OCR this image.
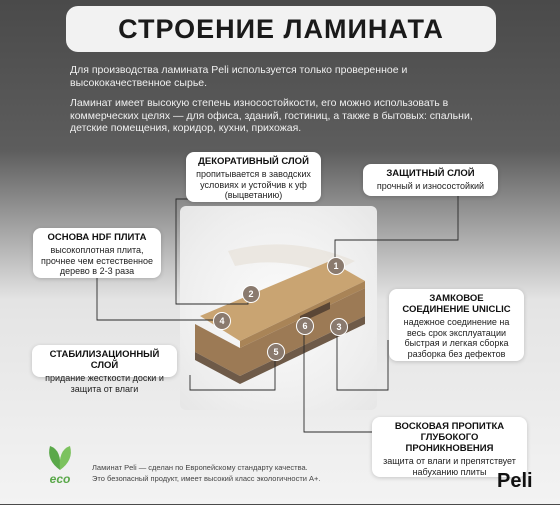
СТРОЕНИЕ ЛАМИНАТА
Для производства ламината Peli используется только проверенное и высококачественное сырье.
Ламинат имеет высокую степень износостойкости, его можно использовать в коммерческих целях — для офиса, зданий, гостиниц, а также в бытовых: спальни, детские помещения, коридор, кухни, прихожая.
1
2
3
4
5
6
ДЕКОРАТИВНЫЙ СЛОЙ
пропитывается в заводских условиях и устойчив к уф (выцветанию)
ЗАЩИТНЫЙ СЛОЙ
прочный и износостойкий
ОСНОВА HDF ПЛИТА
высокоплотная плита, прочнее чем естественное дерево в 2-3 раза
ЗАМКОВОЕ СОЕДИНЕНИЕ UNICLIC
надежное соединение на весь срок эксплуатации быстрая и легкая сборка разборка без дефектов
СТАБИЛИЗАЦИОННЫЙ СЛОЙ
придание жесткости доски и защита от влаги
ВОСКОВАЯ ПРОПИТКА ГЛУБОКОГО ПРОНИКНОВЕНИЯ
защита от влаги и препятствует набуханию плиты
eco
Ламинат Peli — сделан по Европейскому стандарту качества.
Это безопасный продукт, имеет высокий класс экологичности А+.	Peli
